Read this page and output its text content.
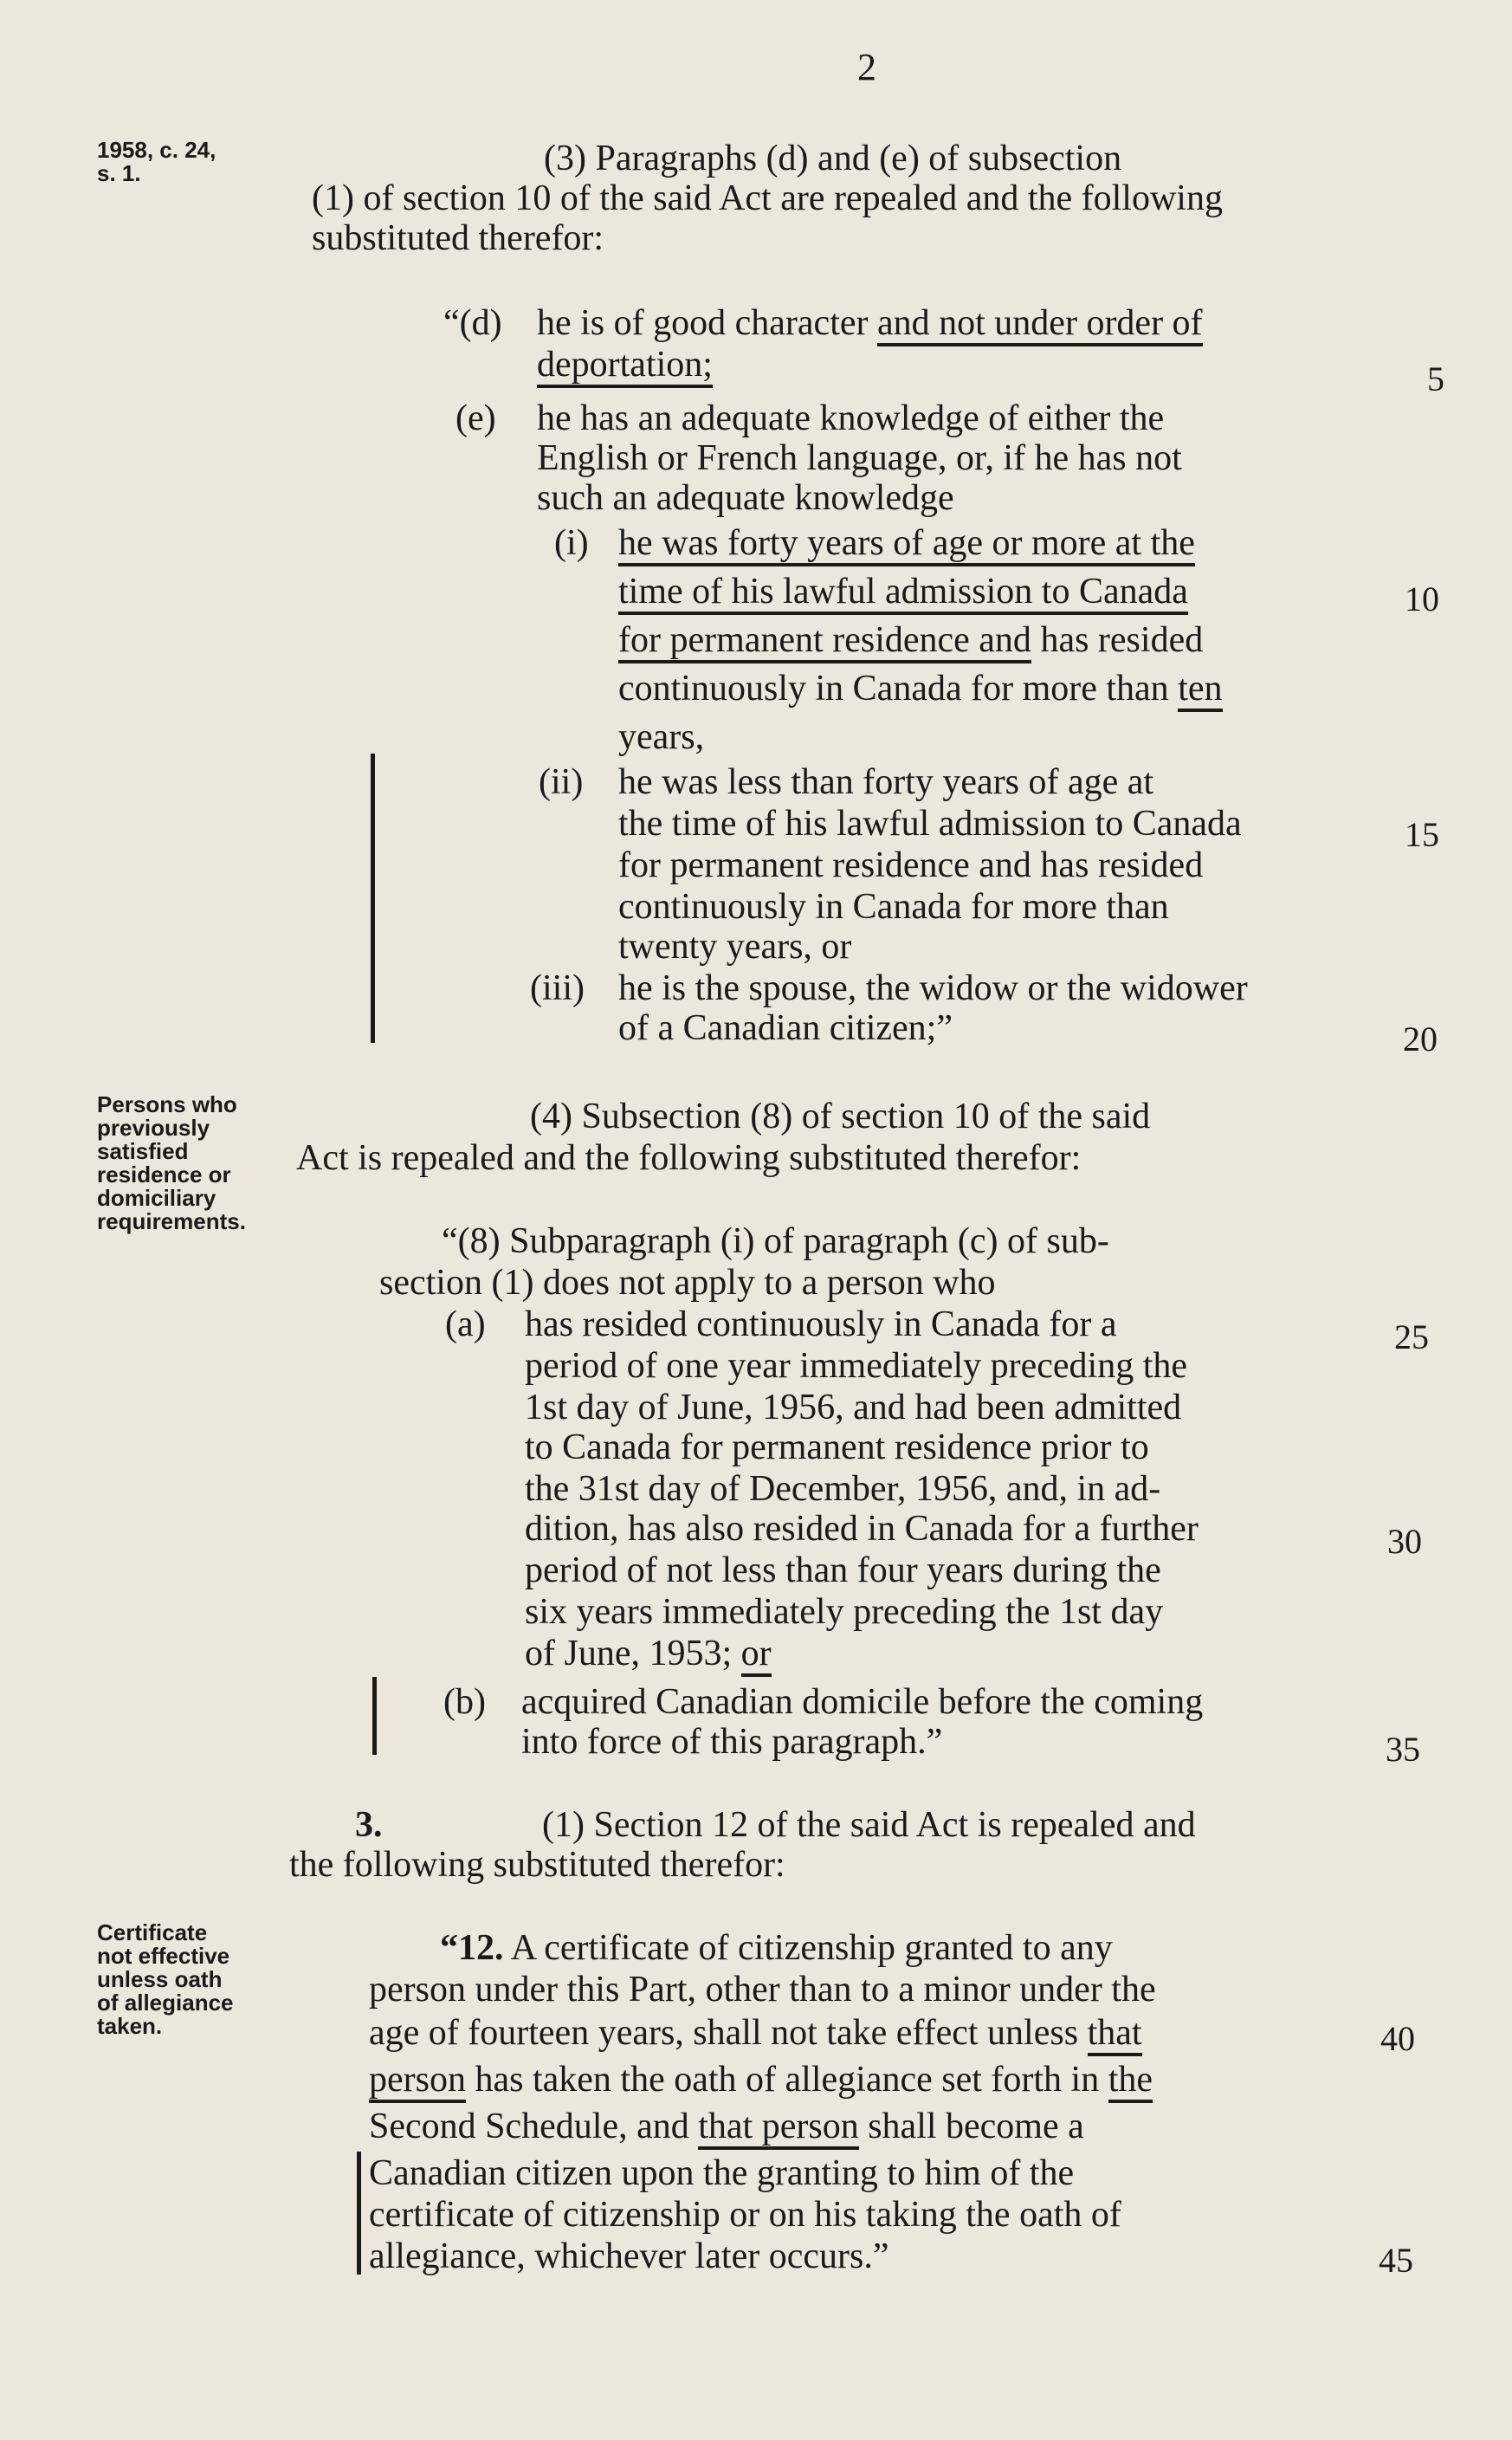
2
1958, c. 24,
s. 1.
Persons who
previously
satisfied
residence or
domiciliary
requirements.
Certificate
not effective
unless oath
of allegiance
taken.
(3) Paragraphs (d) and (e) of subsection
(1) of section 10 of the said Act are repealed and the following
substituted therefor:
“(d) he is of good character and not under order of
deportation;	5
(e) he has an adequate knowledge of either the
English or French language, or, if he has not
such an adequate knowledge
(i) he was forty years of age or more at the
time of his lawful admission to Canada	10
for permanent residence and has resided
continuously in Canada for more than ten
years,
(ii) he was less than forty years of age at
the time of his lawful admission to Canada	15
for permanent residence and has resided
continuously in Canada for more than
twenty years, or
(iii) he is the spouse, the widow or the widower
of a Canadian citizen;”	20
(4) Subsection (8) of section 10 of the said
Act is repealed and the following substituted therefor:
“(8) Subparagraph (i) of paragraph (c) of sub-
section (1) does not apply to a person who
(a) has resided continuously in Canada for a	25
period of one year immediately preceding the
1st day of June, 1956, and had been admitted
to Canada for permanent residence prior to
the 31st day of December, 1956, and, in ad-
dition, has also resided in Canada for a further	30
period of not less than four years during the
six years immediately preceding the 1st day
of June, 1953; or
(b) acquired Canadian domicile before the coming
into force of this paragraph.”	35
3.	(1) Section 12 of the said Act is repealed and
the following substituted therefor:
“12. A certificate of citizenship granted to any
person under this Part, other than to a minor under the
age of fourteen years, shall not take effect unless that	40
person has taken the oath of allegiance set forth in the
Second Schedule, and that person shall become a
Canadian citizen upon the granting to him of the
certificate of citizenship or on his taking the oath of
allegiance, whichever later occurs.”	45
